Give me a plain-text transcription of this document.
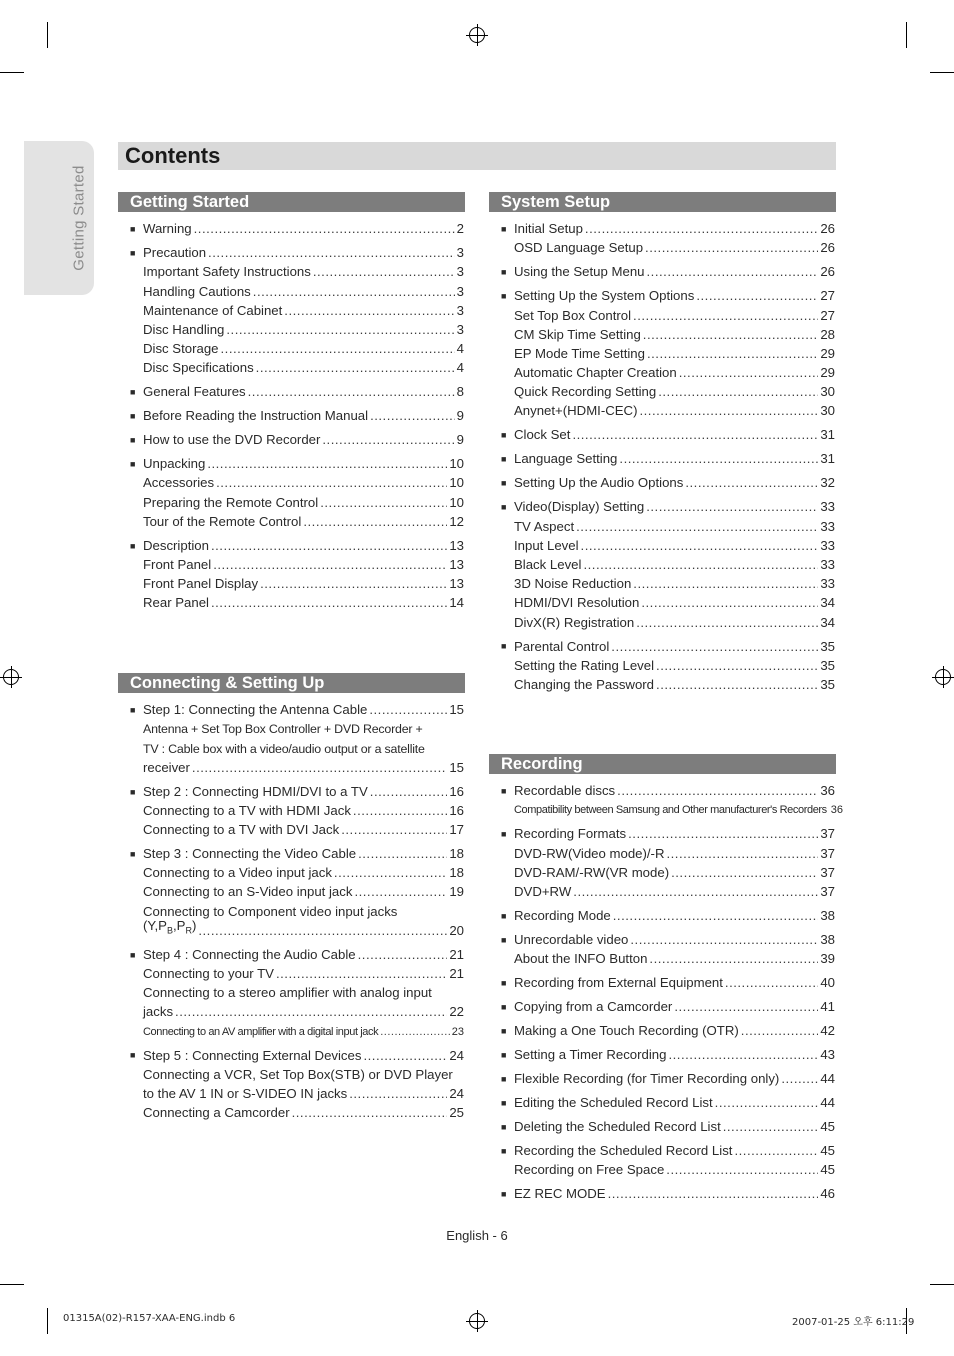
Getting Started
Contents
Getting Started
■ Warning .....	2
■ Precaution .....	3
Important Safety Instructions .....	3
Handling Cautions .....	3
Maintenance of Cabinet .....	3
Disc Handling .....	3
Disc Storage .....	4
Disc Specifications .....	4
■ General Features .....	8
■ Before Reading the Instruction Manual .....	9
■ How to use the DVD Recorder .....	9
■ Unpacking .....	10
Accessories .....	10
Preparing the Remote Control .....	10
Tour of the Remote Control .....	12
■ Description .....	13
Front Panel .....	13
Front Panel Display .....	13
Rear Panel .....	14
Connecting & Setting Up
■ Step 1: Connecting the Antenna Cable .....	15
Antenna + Set Top Box Controller + DVD Recorder +
TV : Cable box with a video/audio output or a satellite
receiver .....	15
■ Step 2 : Connecting HDMI/DVI to a TV .....	16
Connecting to a TV with HDMI Jack .....	16
Connecting to a TV with DVI Jack .....	17
■ Step 3 : Connecting the Video Cable .....	18
Connecting to a Video input jack .....	18
Connecting to an S-Video input jack .....	19
Connecting to Component video input jacks
$(Y,P_B,P_R)$ .....	20
■ Step 4 : Connecting the Audio Cable .....	21
Connecting to your TV .....	21
Connecting to a stereo amplifier with analog input
jacks .....	22
Connecting to an AV amplifier with a digital input jack .....	23
■ Step 5 : Connecting External Devices .....	24
Connecting a VCR, Set Top Box(STB) or DVD Player
to the AV 1 IN or S-VIDEO IN jacks .....	24
Connecting a Camcorder .....	25
System Setup
■ Initial Setup .....	26
OSD Language Setup .....	26
■ Using the Setup Menu .....	26
■ Setting Up the System Options .....	27
Set Top Box Control .....	27
CM Skip Time Setting .....	28
EP Mode Time Setting .....	29
Automatic Chapter Creation .....	29
Quick Recording Setting .....	30
Anynet+(HDMI-CEC) .....	30
■ Clock Set .....	31
■ Language Setting .....	31
■ Setting Up the Audio Options .....	32
■ Video(Display) Setting .....	33
TV Aspect .....	33
Input Level .....	33
Black Level .....	33
3D Noise Reduction .....	33
HDMI/DVI Resolution .....	34
DivX(R) Registration .....	34
■ Parental Control .....	35
Setting the Rating Level .....	35
Changing the Password .....	35
Recording
■ Recordable discs .....	36
Compatibility between Samsung and Other manufacturer's Recorders 36
■ Recording Formats .....	37
DVD-RW(Video mode)/-R .....	37
DVD-RAM/-RW(VR mode) .....	37
DVD+RW .....	37
■ Recording Mode .....	38
■ Unrecordable video .....	38
About the INFO Button .....	39
■ Recording from External Equipment .....	40
■ Copying from a Camcorder .....	41
■ Making a One Touch Recording (OTR) .....	42
■ Setting a Timer Recording .....	43
■ Flexible Recording (for Timer Recording only) .....	44
■ Editing the Scheduled Record List .....	44
■ Deleting the Scheduled Record List .....	45
■ Recording the Scheduled Record List .....	45
Recording on Free Space .....	45
■ EZ REC MODE .....	46
English - 6
01315A(02)-R157-XAA-ENG.indb 6	2007-01-25 오후 6:11:29
